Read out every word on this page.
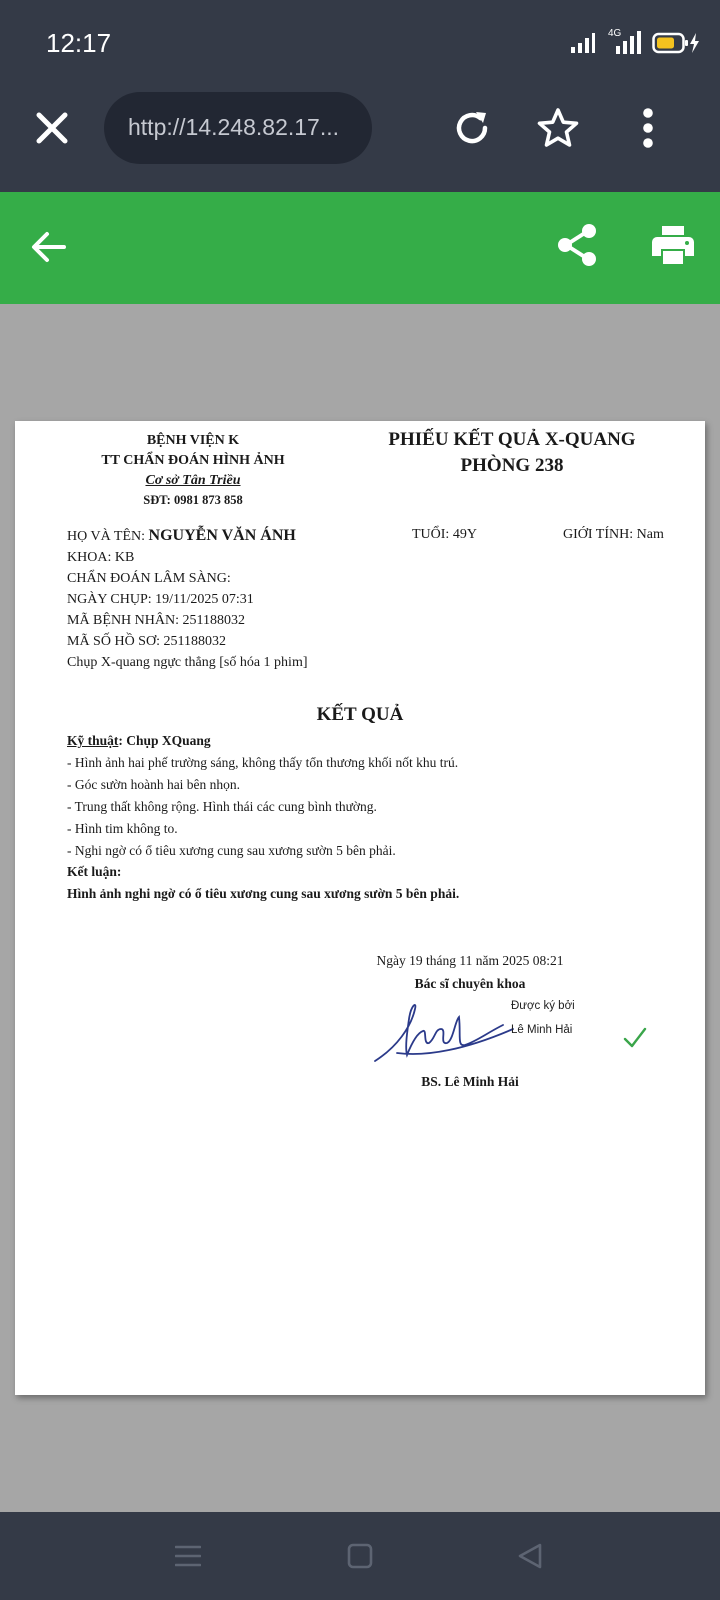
12:17	4G
http://14.248.82.17...
BỆNH VIỆN K
TT CHẨN ĐOÁN HÌNH ẢNH
Cơ sở Tân Triều
SĐT: 0981 873 858
PHIẾU KẾT QUẢ X-QUANG
PHÒNG 238
HỌ VÀ TÊN: NGUYỄN VĂN ÁNH	TUỔI: 49Y	GIỚI TÍNH: Nam
KHOA: KB
CHẨN ĐOÁN LÂM SÀNG:
NGÀY CHỤP: 19/11/2025 07:31
MÃ BỆNH NHÂN: 251188032
MÃ SỐ HỒ SƠ: 251188032
Chụp X-quang ngực thẳng [số hóa 1 phim]
KẾT QUẢ
Kỹ thuật: Chụp XQuang
- Hình ảnh hai phế trường sáng, không thấy tổn thương khối nốt khu trú.
- Góc sườn hoành hai bên nhọn.
- Trung thất không rộng. Hình thái các cung bình thường.
- Hình tim không to.
- Nghi ngờ có ổ tiêu xương cung sau xương sườn 5 bên phải.
Kết luận:
Hình ảnh nghi ngờ có ổ tiêu xương cung sau xương sườn 5 bên phải.
Ngày 19 tháng 11 năm 2025 08:21
Bác sĩ chuyên khoa
Được ký bởi
Lê Minh Hải
BS. Lê Minh Hải
